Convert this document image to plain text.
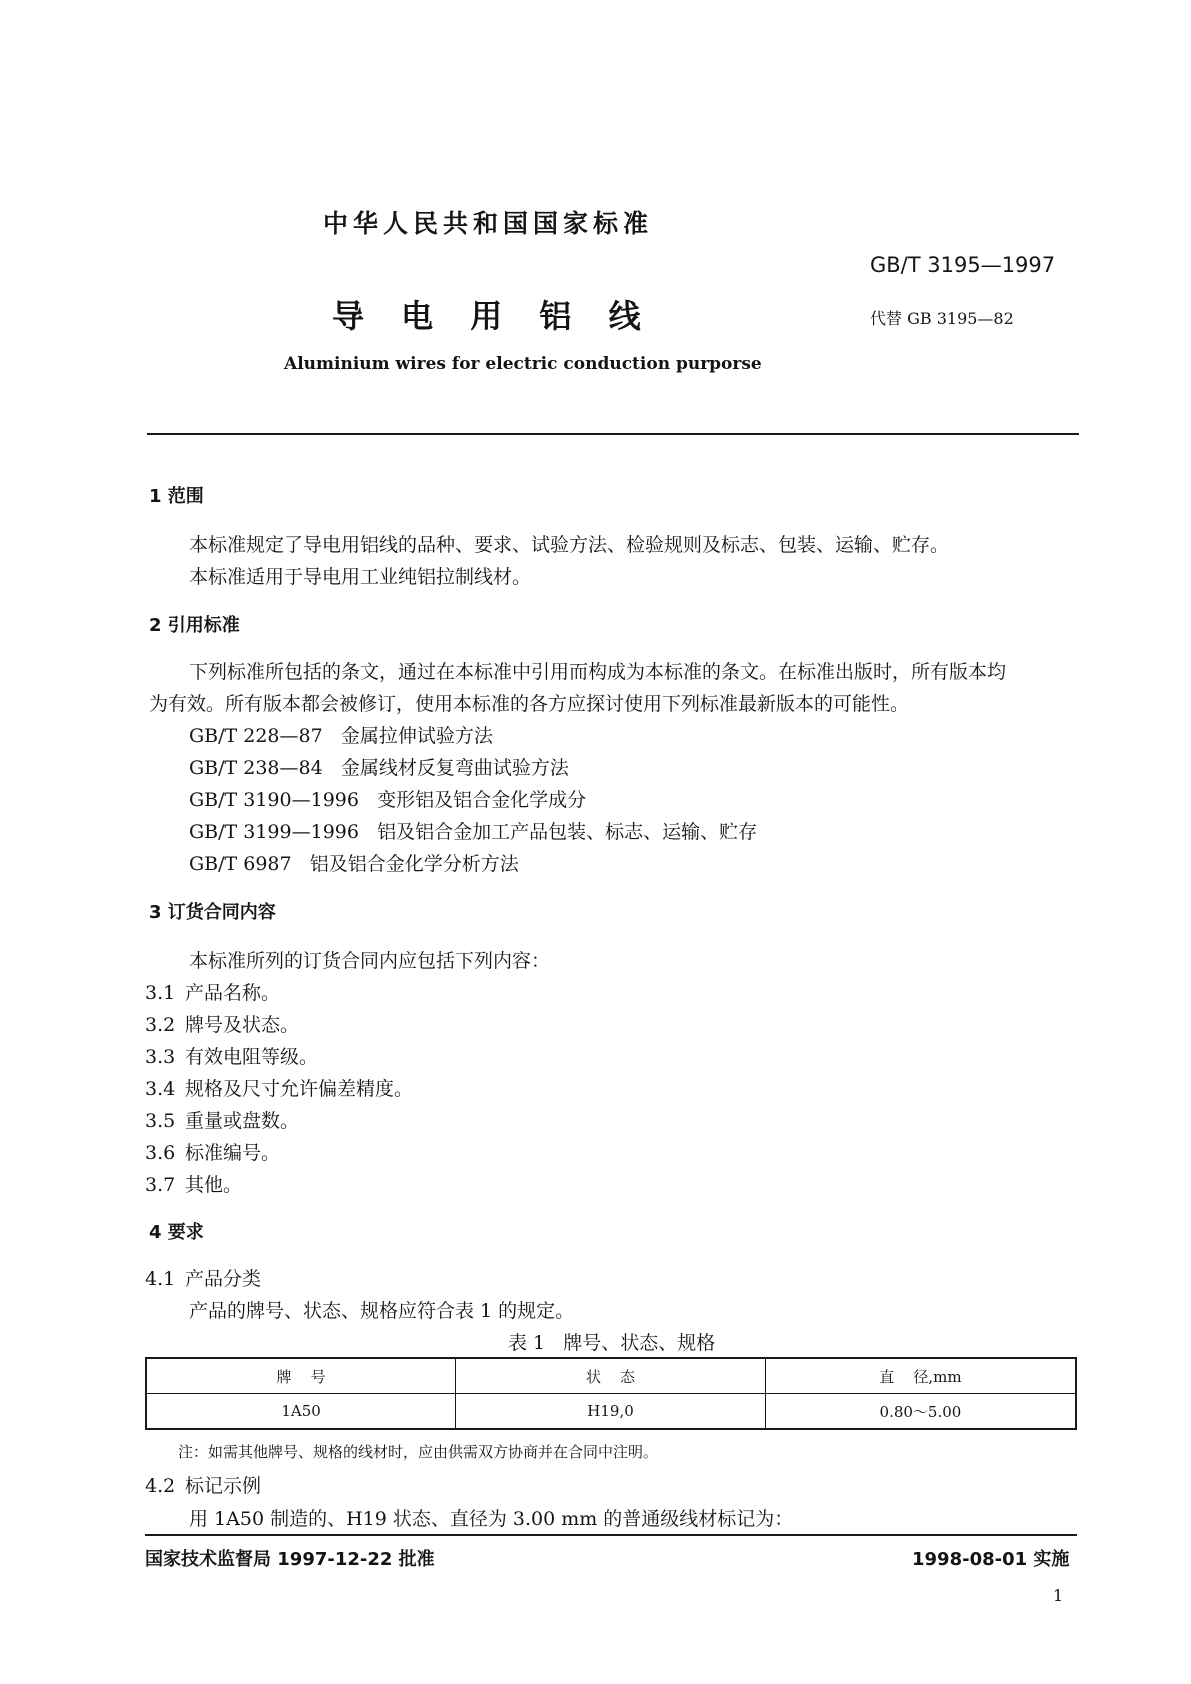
中华人民共和国国家标准
GB/T 3195—1997
导 电 用 铝 线	代替 GB 3195—82
Aluminium wires for electric conduction purporse
1 范围
本标准规定了导电用铝线的品种、要求、试验方法、检验规则及标志、包装、运输、贮存。
本标准适用于导电用工业纯铝拉制线材。
2 引用标准
下列标准所包括的条文，通过在本标准中引用而构成为本标准的条文。在标准出版时，所有版本均
为有效。所有版本都会被修订，使用本标准的各方应探讨使用下列标准最新版本的可能性。
GB/T 228—87   金属拉伸试验方法
GB/T 238—84   金属线材反复弯曲试验方法
GB/T 3190—1996   变形铝及铝合金化学成分
GB/T 3199—1996   铝及铝合金加工产品包装、标志、运输、贮存
GB/T 6987   铝及铝合金化学分析方法
3 订货合同内容
本标准所列的订货合同内应包括下列内容：
3.1 产品名称。
3.2 牌号及状态。
3.3 有效电阻等级。
3.4 规格及尺寸允许偏差精度。
3.5 重量或盘数。
3.6 标准编号。
3.7 其他。
4 要求
4.1 产品分类
产品的牌号、状态、规格应符合表 1 的规定。
表 1   牌号、状态、规格
牌    号	状    态	直    径,mm
1A50	H19,0	0.80～5.00
注：如需其他牌号、规格的线材时，应由供需双方协商并在合同中注明。
4.2 标记示例
用 1A50 制造的、H19 状态、直径为 3.00 mm 的普通级线材标记为：
国家技术监督局 1997-12-22 批准	1998-08-01 实施
1
